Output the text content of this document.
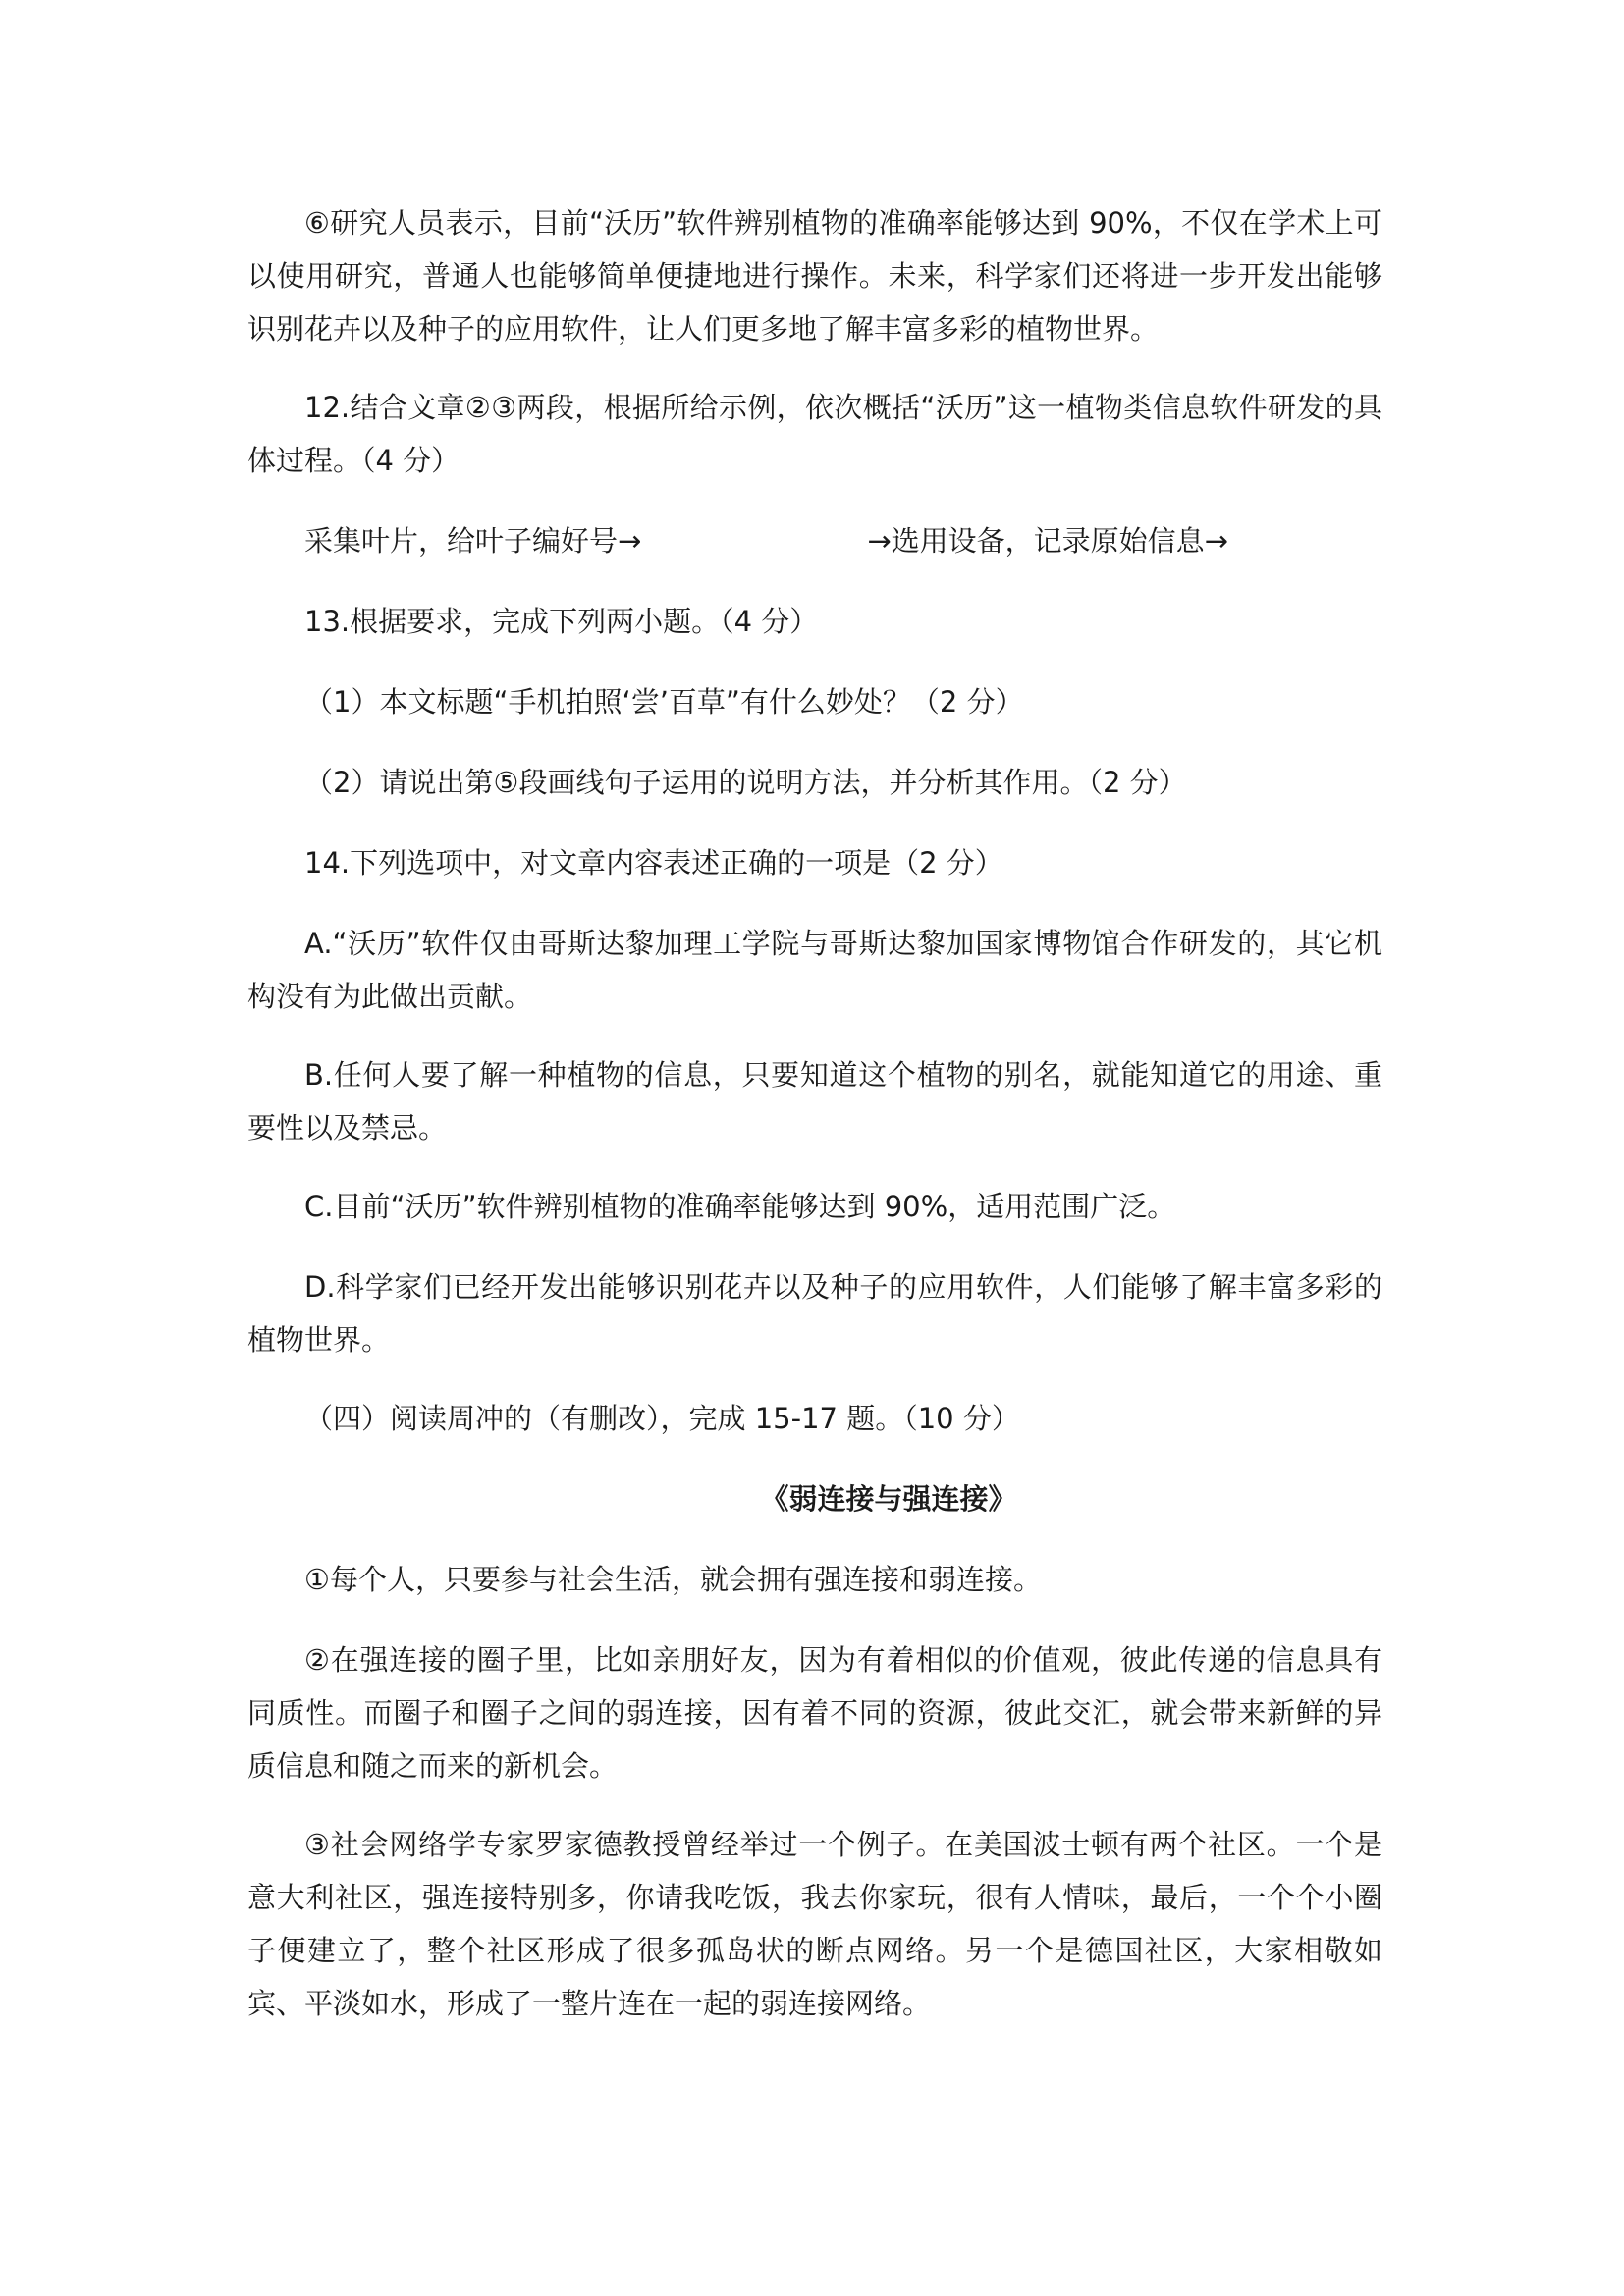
⑥研究人员表示，目前“沃历”软件辨别植物的准确率能够达到 90%，不仅在学术上可以使用研究，普通人也能够简单便捷地进行操作。未来，科学家们还将进一步开发出能够识别花卉以及种子的应用软件，让人们更多地了解丰富多彩的植物世界。

12.结合文章②③两段，根据所给示例，依次概括“沃历”这一植物类信息软件研发的具体过程。（4 分）

采集叶片，给叶子编好号→	→选用设备，记录原始信息→

13.根据要求，完成下列两小题。（4 分）

（1）本文标题“手机拍照‘尝’百草”有什么妙处？（2 分）

（2）请说出第⑤段画线句子运用的说明方法，并分析其作用。（2 分）

14.下列选项中，对文章内容表述正确的一项是（2 分）

A.“沃历”软件仅由哥斯达黎加理工学院与哥斯达黎加国家博物馆合作研发的，其它机构没有为此做出贡献。

B.任何人要了解一种植物的信息，只要知道这个植物的别名，就能知道它的用途、重要性以及禁忌。

C.目前“沃历”软件辨别植物的准确率能够达到 90%，适用范围广泛。

D.科学家们已经开发出能够识别花卉以及种子的应用软件，人们能够了解丰富多彩的植物世界。

（四）阅读周冲的（有删改），完成 15-17 题。（10 分）

《弱连接与强连接》

①每个人，只要参与社会生活，就会拥有强连接和弱连接。

②在强连接的圈子里，比如亲朋好友，因为有着相似的价值观，彼此传递的信息具有同质性。而圈子和圈子之间的弱连接，因有着不同的资源，彼此交汇，就会带来新鲜的异质信息和随之而来的新机会。

③社会网络学专家罗家德教授曾经举过一个例子。在美国波士顿有两个社区。一个是意大利社区，强连接特别多，你请我吃饭，我去你家玩，很有人情味，最后，一个个小圈子便建立了，整个社区形成了很多孤岛状的断点网络。另一个是德国社区，大家相敬如宾、平淡如水，形成了一整片连在一起的弱连接网络。
